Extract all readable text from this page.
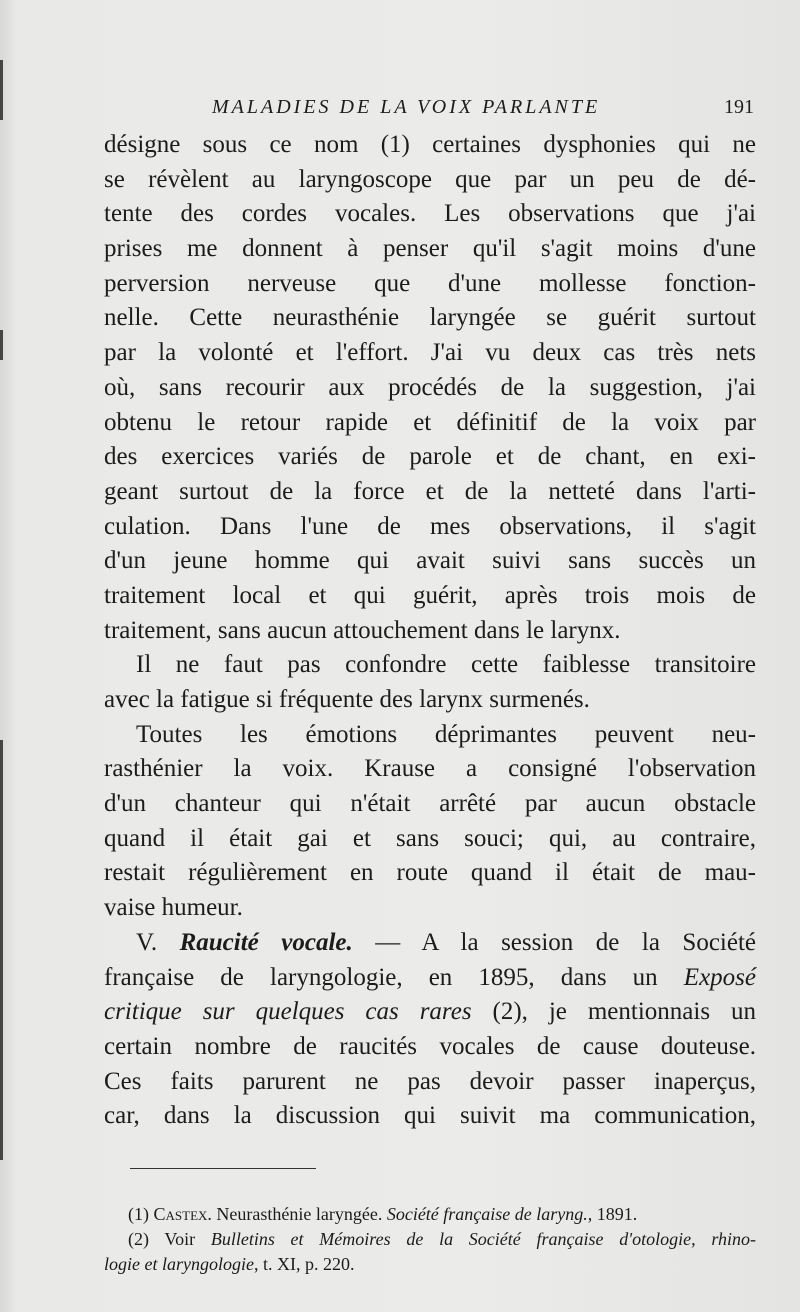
MALADIES DE LA VOIX PARLANTE	191
désigne sous ce nom (1) certaines dysphonies qui ne
se révèlent au laryngoscope que par un peu de dé-
tente des cordes vocales. Les observations que j'ai
prises me donnent à penser qu'il s'agit moins d'une
perversion nerveuse que d'une mollesse fonction-
nelle. Cette neurasthénie laryngée se guérit surtout
par la volonté et l'effort. J'ai vu deux cas très nets
où, sans recourir aux procédés de la suggestion, j'ai
obtenu le retour rapide et définitif de la voix par
des exercices variés de parole et de chant, en exi-
geant surtout de la force et de la netteté dans l'arti-
culation. Dans l'une de mes observations, il s'agit
d'un jeune homme qui avait suivi sans succès un
traitement local et qui guérit, après trois mois de
traitement, sans aucun attouchement dans le larynx.
Il ne faut pas confondre cette faiblesse transitoire
avec la fatigue si fréquente des larynx surmenés.
Toutes les émotions déprimantes peuvent neu-
rasthénier la voix. Krause a consigné l'observation
d'un chanteur qui n'était arrêté par aucun obstacle
quand il était gai et sans souci; qui, au contraire,
restait régulièrement en route quand il était de mau-
vaise humeur.
V. Raucité vocale. — A la session de la Société
française de laryngologie, en 1895, dans un Exposé
critique sur quelques cas rares (2), je mentionnais un
certain nombre de raucités vocales de cause douteuse.
Ces faits parurent ne pas devoir passer inaperçus,
car, dans la discussion qui suivit ma communication,
(1) Castex. Neurasthénie laryngée. Société française de laryng., 1891.
(2) Voir Bulletins et Mémoires de la Société française d'otologie, rhino-
logie et laryngologie, t. XI, p. 220.
